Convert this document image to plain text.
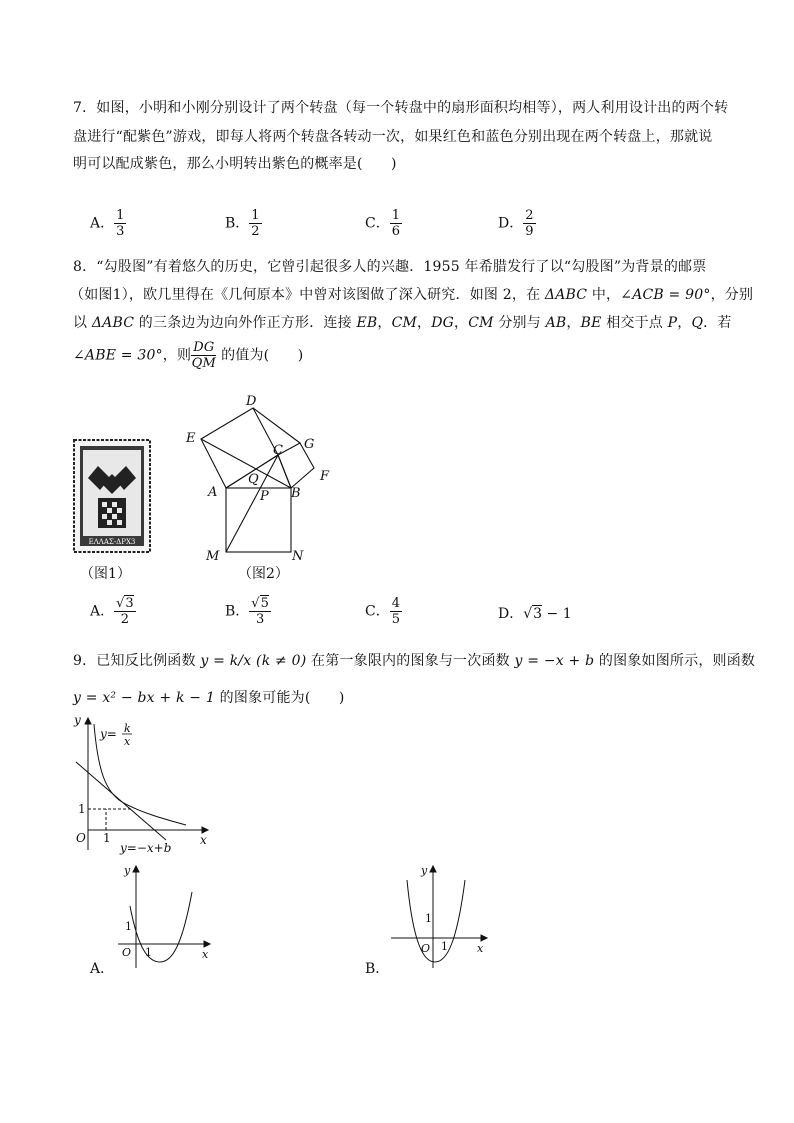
7．如图，小明和小刚分别设计了两个转盘（每一个转盘中的扇形面积均相等），两人利用设计出的两个转
盘进行“配紫色”游戏，即每人将两个转盘各转动一次，如果红色和蓝色分别出现在两个转盘上，那就说
明可以配成紫色，那么小明转出紫色的概率是(　　)
A． $\frac{1}{3}$	B． $\frac{1}{2}$	C． $\frac{1}{6}$	D． $\frac{2}{9}$
8．“勾股图”有着悠久的历史，它曾引起很多人的兴趣．1955 年希腊发行了以“勾股图”为背景的邮票
（如图1），欧几里得在《几何原本》中曾对该图做了深入研究．如图 2，在 ΔABC 中，∠ACB = 90°，分别
以 ΔABC 的三条边为边向外作正方形．连接 EB，CM，DG，CM 分别与 AB，BE 相交于点 P，Q．若
∠ABE = 30°，则 $\frac{DG}{QM}$ 的值为(　　)
ΕΛΛΑΣ-ΔΡΧ3
（图1）
D
E
C G
F
Q
A	P B
M	N
（图2）
A． $\frac{√3}{2}$	B． $\frac{√5}{3}$	C． $\frac{4}{5}$	D．√3 − 1
9．已知反比例函数 y = k/x (k ≠ 0) 在第一象限内的图象与一次函数 y = −x + b 的图象如图所示，则函数
y = x² − bx + k − 1 的图象可能为(　　)
y
x
O 1
1
y= k
x
y=−x+b
y
x
O 1
1
A．
y
x
O 1
1
B．
